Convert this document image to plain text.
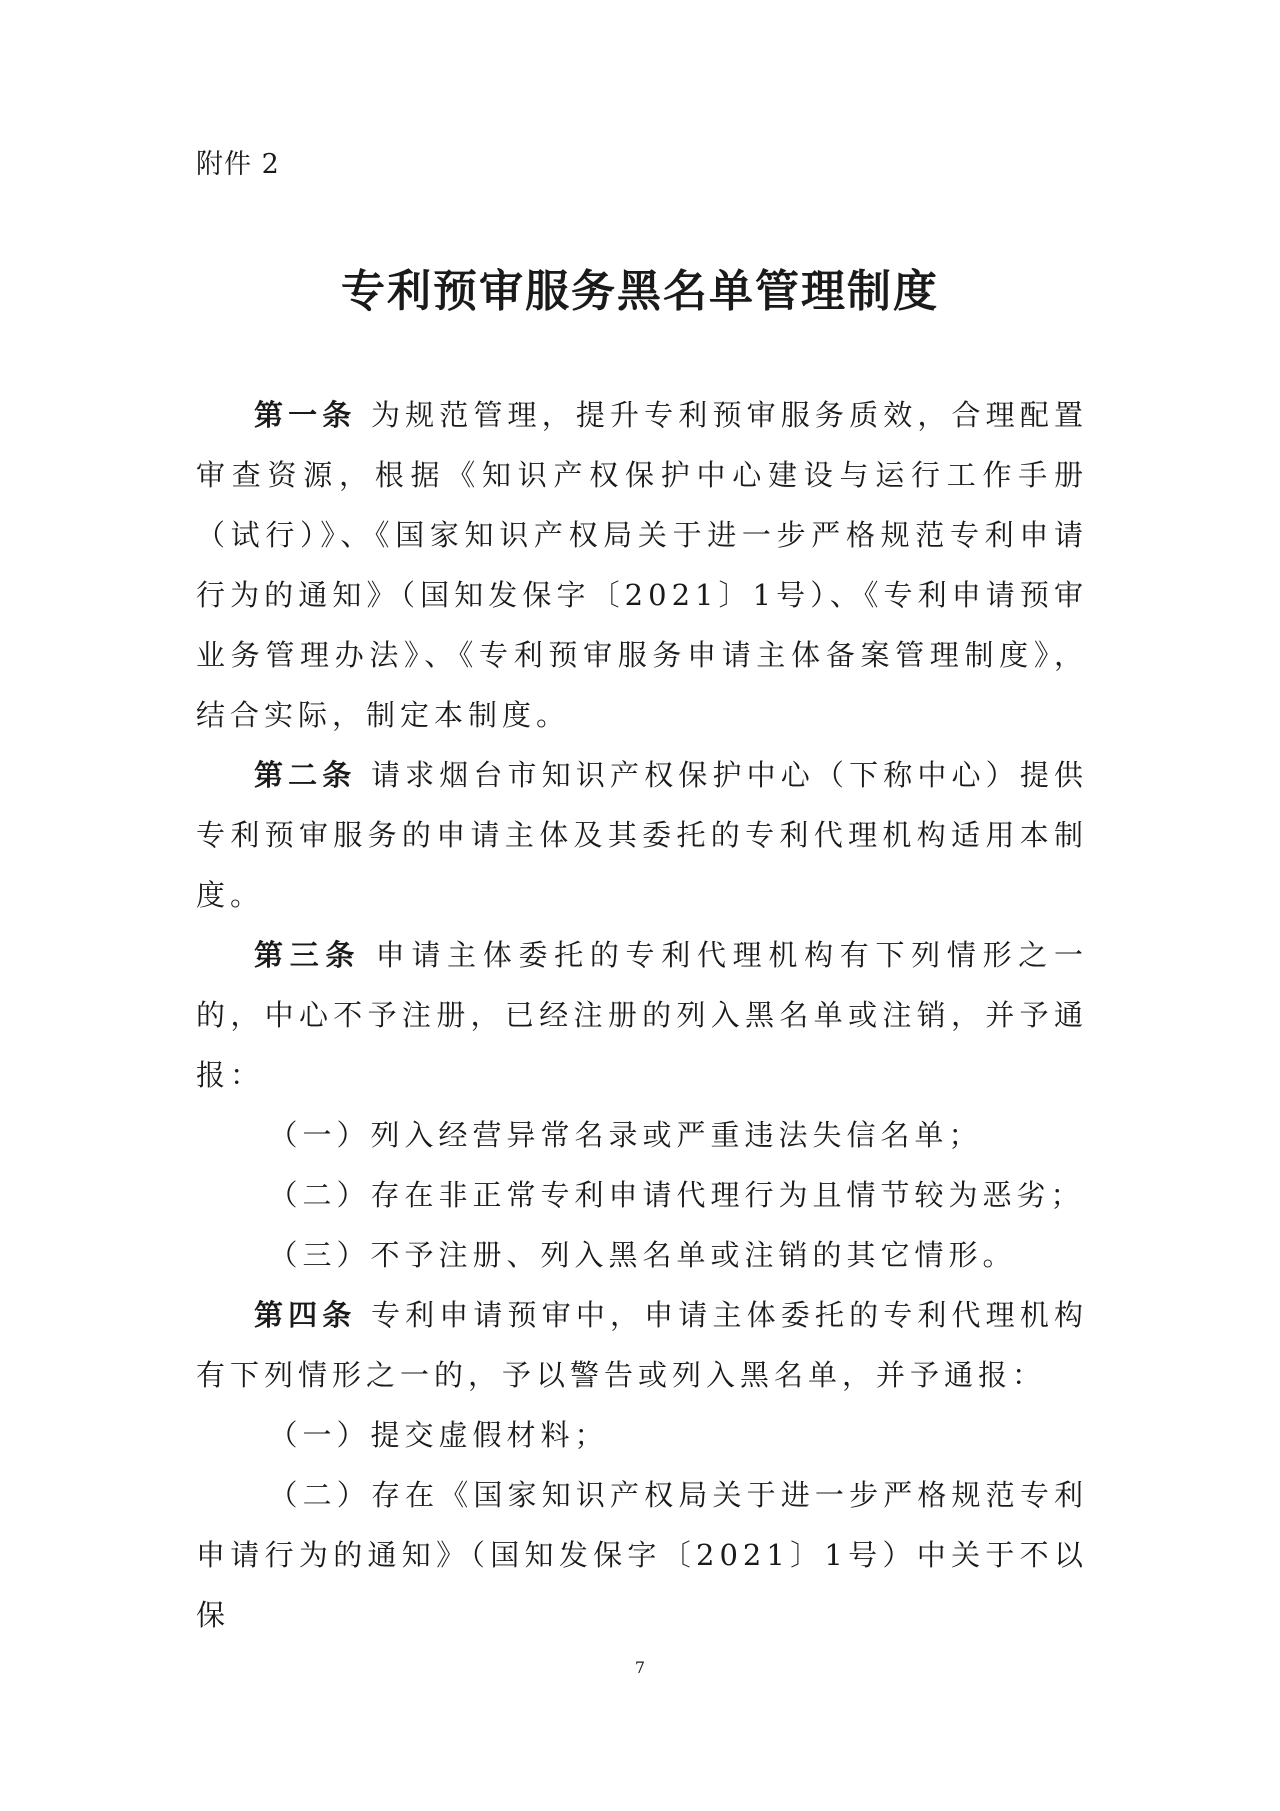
附件 2
专利预审服务黑名单管理制度

第一条 为规范管理，提升专利预审服务质效，合理配置审查资源，根据《知识产权保护中心建设与运行工作手册（试行）》、《国家知识产权局关于进一步严格规范专利申请行为的通知》（国知发保字〔2021〕1号）、《专利申请预审业务管理办法》、《专利预审服务申请主体备案管理制度》，结合实际，制定本制度。

第二条 请求烟台市知识产权保护中心（下称中心）提供专利预审服务的申请主体及其委托的专利代理机构适用本制度。

第三条 申请主体委托的专利代理机构有下列情形之一的，中心不予注册，已经注册的列入黑名单或注销，并予通报：

（一）列入经营异常名录或严重违法失信名单；

（二）存在非正常专利申请代理行为且情节较为恶劣；

（三）不予注册、列入黑名单或注销的其它情形。

第四条 专利申请预审中，申请主体委托的专利代理机构有下列情形之一的，予以警告或列入黑名单，并予通报：

（一）提交虚假材料；

（二）存在《国家知识产权局关于进一步严格规范专利申请行为的通知》（国知发保字〔2021〕1号）中关于不以保

7
